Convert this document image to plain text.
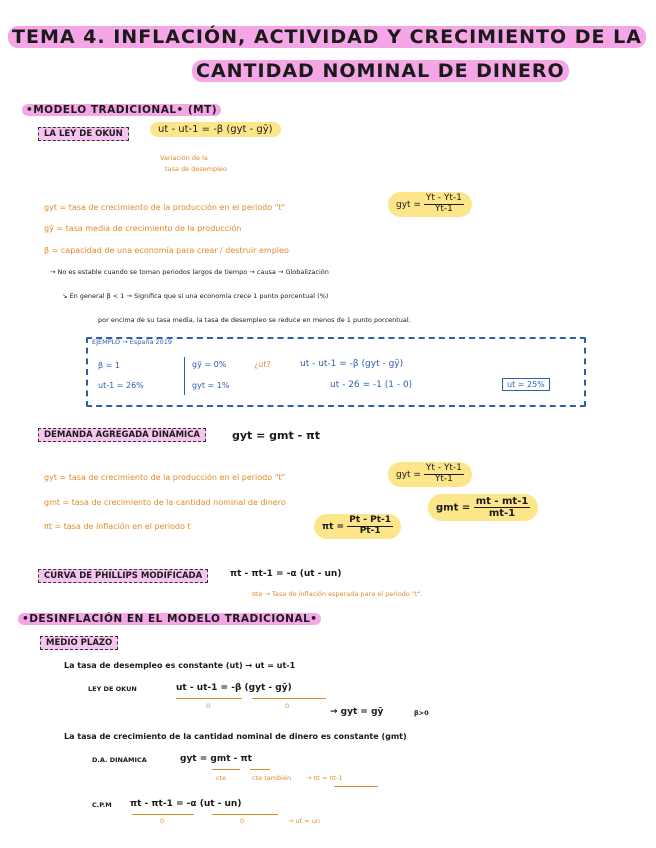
TEMA 4. INFLACIÓN, ACTIVIDAD Y CRECIMIENTO DE LA
CANTIDAD NOMINAL DE DINERO
•MODELO TRADICIONAL• (MT)
LA LEY DE OKUN	ut - ut-1 = -β (gyt - gȳ)
Variación de la
tasa de desempleo
gyt = tasa de crecimiento de la producción en el periodo "t"	gyt = $\frac{Yt - Yt-1}{Yt-1}$
gȳ = tasa media de crecimiento de la producción
β = capacidad de una economía para crear / destruir empleo
→ No es estable cuando se toman periodos largos de tiempo → causa → Globalización
↘ En general β < 1 → Significa que si una economía crece 1 punto porcentual (%)
por encima de su tasa media, la tasa de desempleo se reduce en menos de 1 punto porcentual.
EJEMPLO → España 2019
β = 1
ut-1 = 26%
gȳ = 0%
gyt = 1%
¿ut?	ut - ut-1 = -β (gyt - gȳ)
ut - 26 = -1 (1 - 0)	ut = 25%
DEMANDA AGREGADA DINÁMICA	gyt = gmt - πt
gyt = tasa de crecimiento de la producción en el periodo "t"	gyt = $\frac{Yt - Yt-1}{Yt-1}$
gmt = tasa de crecimiento de la cantidad nominal de dinero	gmt = $\frac{mt - mt-1}{mt-1}$
πt = tasa de inflación en el periodo t	$\pi t = \frac{Pt - Pt-1}{Pt-1}$
CURVA DE PHILLIPS MODIFICADA	πt - πt-1 = -α (ut - un)
πte → Tasa de inflación esperada para el periodo "t".
•DESINFLACIÓN EN EL MODELO TRADICIONAL•
MEDIO PLAZO
La tasa de desempleo es constante (ut) → ut = ut-1
LEY DE OKUN	ut - ut-1 = -β (gyt - gȳ)
0	0
→ gyt = gȳ	β>0
La tasa de crecimiento de la cantidad nominal de dinero es constante (gmt)
D.A. DINÁMICA	gyt = gmt - πt
cte	cte también → πt = πt-1
C.P.M πt - πt-1 = -α (ut - un)
0	0	→ ut = un
